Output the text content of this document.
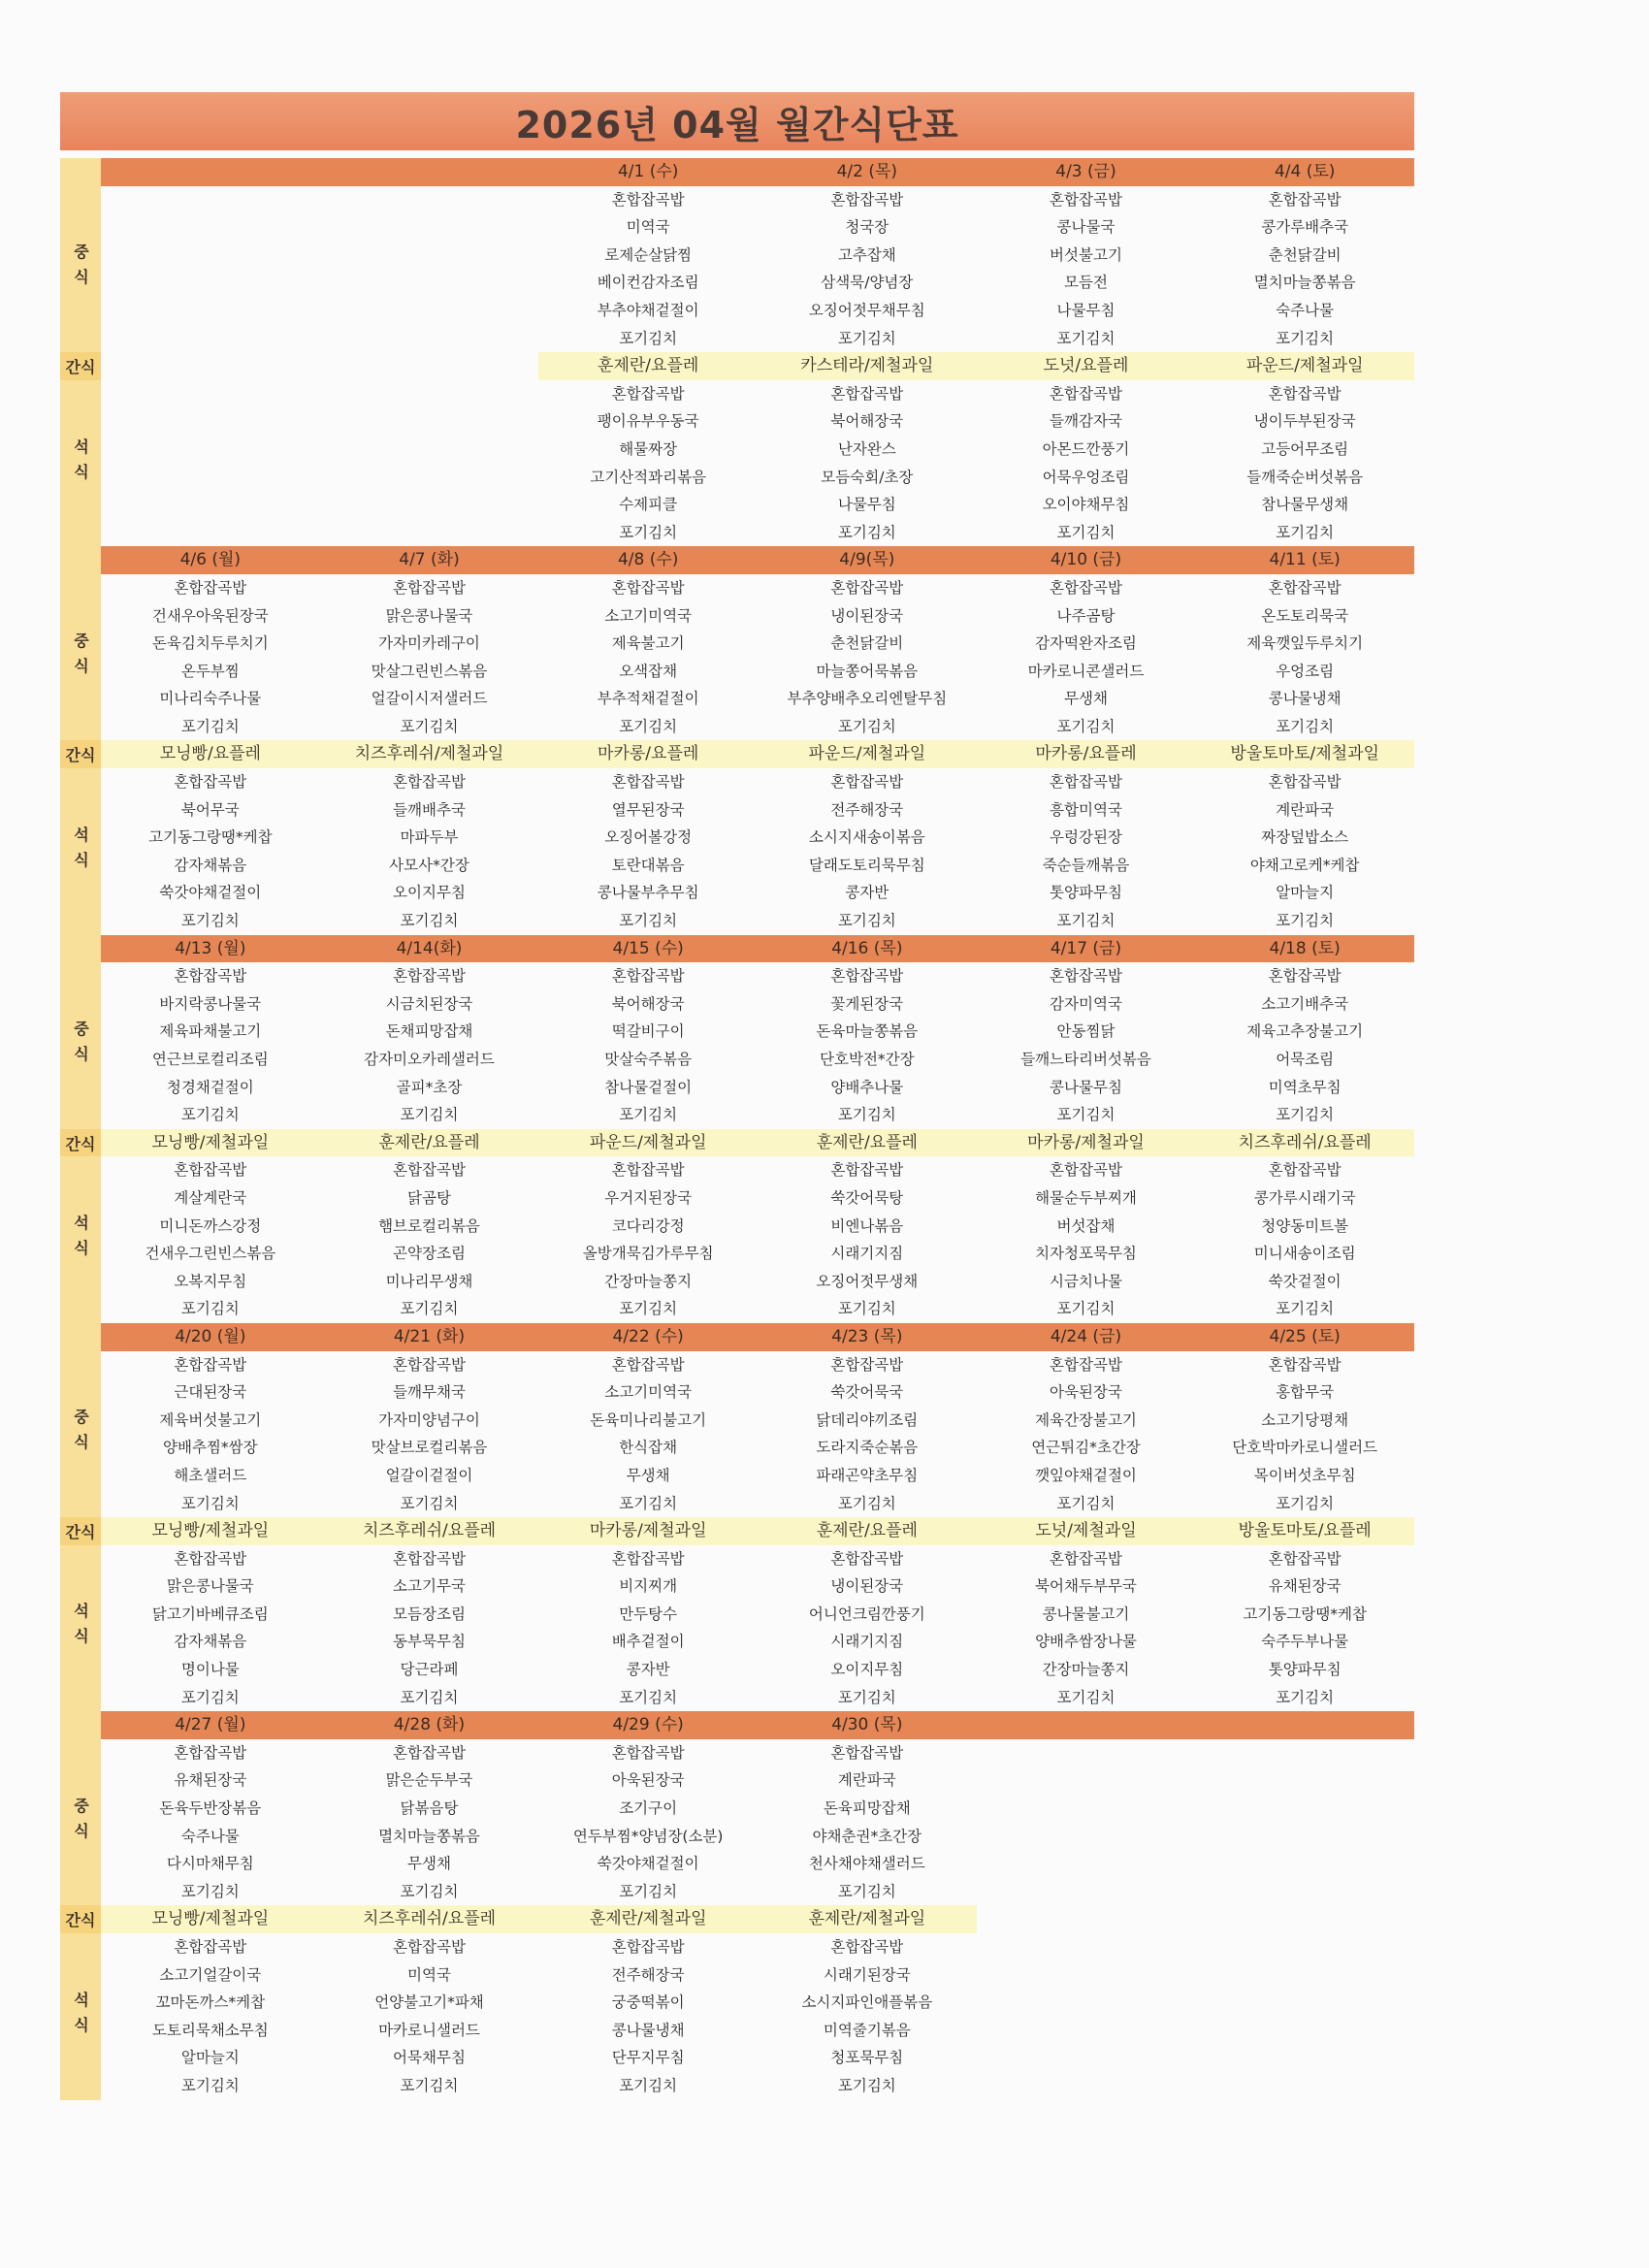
2026년 04월 월간식단표
중식
간식
석식
4/1 (수)
혼합잡곡밥
미역국
로제순살닭찜
베이컨감자조림
부추야채겉절이
포기김치
훈제란/요플레
혼합잡곡밥
팽이유부우동국
해물짜장
고기산적꽈리볶음
수제피클
포기김치
4/2 (목)
혼합잡곡밥
청국장
고추잡채
삼색묵/양념장
오징어젓무채무침
포기김치
카스테라/제철과일
혼합잡곡밥
북어해장국
난자완스
모듬숙회/초장
나물무침
포기김치
4/3 (금)
혼합잡곡밥
콩나물국
버섯불고기
모듬전
나물무침
포기김치
도넛/요플레
혼합잡곡밥
들깨감자국
아몬드깐풍기
어묵우엉조림
오이야채무침
포기김치
4/4 (토)
혼합잡곡밥
콩가루배추국
춘천닭갈비
멸치마늘쫑볶음
숙주나물
포기김치
파운드/제철과일
혼합잡곡밥
냉이두부된장국
고등어무조림
들깨죽순버섯볶음
참나물무생채
포기김치
중식
간식
석식
4/6 (월)
혼합잡곡밥
건새우아욱된장국
돈육김치두루치기
온두부찜
미나리숙주나물
포기김치
모닝빵/요플레
혼합잡곡밥
북어무국
고기동그랑땡*케찹
감자채볶음
쑥갓야채겉절이
포기김치
4/7 (화)
혼합잡곡밥
맑은콩나물국
가자미카레구이
맛살그린빈스볶음
얼갈이시저샐러드
포기김치
치즈후레쉬/제철과일
혼합잡곡밥
들깨배추국
마파두부
사모사*간장
오이지무침
포기김치
4/8 (수)
혼합잡곡밥
소고기미역국
제육불고기
오색잡채
부추적채겉절이
포기김치
마카롱/요플레
혼합잡곡밥
열무된장국
오징어볼강정
토란대볶음
콩나물부추무침
포기김치
4/9(목)
혼합잡곡밥
냉이된장국
춘천닭갈비
마늘쫑어묵볶음
부추양배추오리엔탈무침
포기김치
파운드/제철과일
혼합잡곡밥
전주해장국
소시지새송이볶음
달래도토리묵무침
콩자반
포기김치
4/10 (금)
혼합잡곡밥
나주곰탕
감자떡완자조림
마카로니콘샐러드
무생채
포기김치
마카롱/요플레
혼합잡곡밥
흥합미역국
우렁강된장
죽순들깨볶음
톳양파무침
포기김치
4/11 (토)
혼합잡곡밥
온도토리묵국
제육깻잎두루치기
우엉조림
콩나물냉채
포기김치
방울토마토/제철과일
혼합잡곡밥
계란파국
짜장덮밥소스
야채고로케*케찹
알마늘지
포기김치
중식
간식
석식
4/13 (월)
혼합잡곡밥
바지락콩나물국
제육파채불고기
연근브로컬리조림
청경채겉절이
포기김치
모닝빵/제철과일
혼합잡곡밥
계살계란국
미니돈까스강정
건새우그린빈스볶음
오복지무침
포기김치
4/14(화)
혼합잡곡밥
시금치된장국
돈채피망잡채
감자미오카레샐러드
골피*초장
포기김치
훈제란/요플레
혼합잡곡밥
닭곰탕
햄브로컬리볶음
곤약장조림
미나리무생채
포기김치
4/15 (수)
혼합잡곡밥
북어해장국
떡갈비구이
맛살숙주볶음
참나물겉절이
포기김치
파운드/제철과일
혼합잡곡밥
우거지된장국
코다리강정
올방개묵김가루무침
간장마늘쫑지
포기김치
4/16 (목)
혼합잡곡밥
꽃게된장국
돈육마늘쫑볶음
단호박전*간장
양배추나물
포기김치
훈제란/요플레
혼합잡곡밥
쑥갓어묵탕
비엔나볶음
시래기지짐
오징어젓무생채
포기김치
4/17 (금)
혼합잡곡밥
감자미역국
안동찜닭
들깨느타리버섯볶음
콩나물무침
포기김치
마카롱/제철과일
혼합잡곡밥
해물순두부찌개
버섯잡채
치자청포묵무침
시금치나물
포기김치
4/18 (토)
혼합잡곡밥
소고기배추국
제육고추장불고기
어묵조림
미역초무침
포기김치
치즈후레쉬/요플레
혼합잡곡밥
콩가루시래기국
청양동미트볼
미니새송이조림
쑥갓겉절이
포기김치
중식
간식
석식
4/20 (월)
혼합잡곡밥
근대된장국
제육버섯불고기
양배추찜*쌈장
해초샐러드
포기김치
모닝빵/제철과일
혼합잡곡밥
맑은콩나물국
닭고기바베큐조림
감자채볶음
명이나물
포기김치
4/21 (화)
혼합잡곡밥
들깨무채국
가자미양념구이
맛살브로컬리볶음
얼갈이겉절이
포기김치
치즈후레쉬/요플레
혼합잡곡밥
소고기무국
모듬장조림
동부묵무침
당근라페
포기김치
4/22 (수)
혼합잡곡밥
소고기미역국
돈육미나리불고기
한식잡채
무생채
포기김치
마카롱/제철과일
혼합잡곡밥
비지찌개
만두탕수
배추겉절이
콩자반
포기김치
4/23 (목)
혼합잡곡밥
쑥갓어묵국
닭데리야끼조림
도라지죽순볶음
파래곤약초무침
포기김치
훈제란/요플레
혼합잡곡밥
냉이된장국
어니언크림깐풍기
시래기지짐
오이지무침
포기김치
4/24 (금)
혼합잡곡밥
아욱된장국
제육간장불고기
연근튀김*초간장
깻잎야채겉절이
포기김치
도넛/제철과일
혼합잡곡밥
북어채두부무국
콩나물불고기
양배추쌈장나물
간장마늘쫑지
포기김치
4/25 (토)
혼합잡곡밥
홍합무국
소고기당평채
단호박마카로니샐러드
목이버섯초무침
포기김치
방울토마토/요플레
혼합잡곡밥
유채된장국
고기동그랑땡*케찹
숙주두부나물
톳양파무침
포기김치
중식
간식
석식
4/27 (월)
혼합잡곡밥
유채된장국
돈육두반장볶음
숙주나물
다시마채무침
포기김치
모닝빵/제철과일
혼합잡곡밥
소고기얼갈이국
꼬마돈까스*케찹
도토리묵채소무침
알마늘지
포기김치
4/28 (화)
혼합잡곡밥
맑은순두부국
닭볶음탕
멸치마늘쫑볶음
무생채
포기김치
치즈후레쉬/요플레
혼합잡곡밥
미역국
언양불고기*파채
마카로니샐러드
어묵채무침
포기김치
4/29 (수)
혼합잡곡밥
아욱된장국
조기구이
연두부찜*양념장(소분)
쑥갓야채겉절이
포기김치
훈제란/제철과일
혼합잡곡밥
전주해장국
궁중떡볶이
콩나물냉채
단무지무침
포기김치
4/30 (목)
혼합잡곡밥
계란파국
돈육피망잡채
야채춘권*초간장
천사채야채샐러드
포기김치
훈제란/제철과일
혼합잡곡밥
시래기된장국
소시지파인애플볶음
미역줄기볶음
청포묵무침
포기김치
